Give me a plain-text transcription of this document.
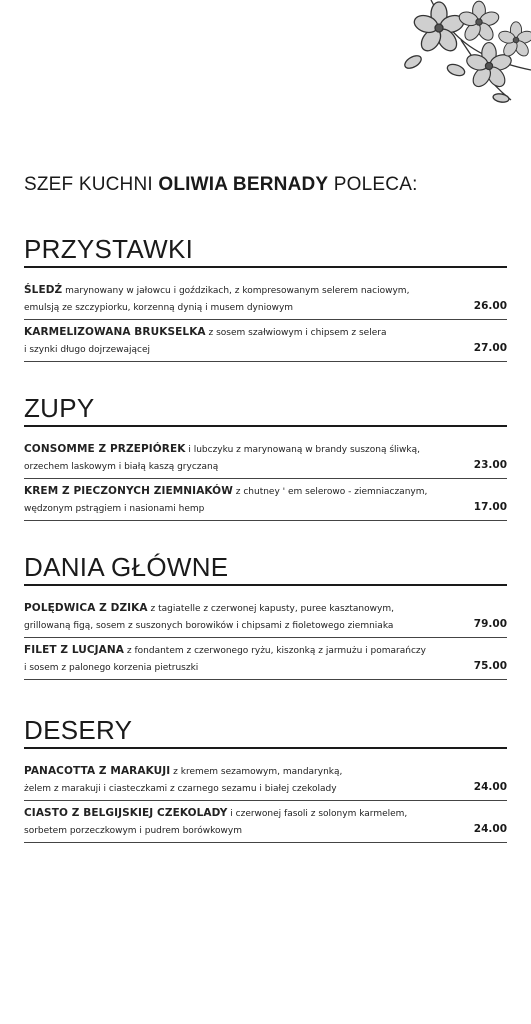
SZEF KUCHNI OLIWIA BERNADY POLECA:
PRZYSTAWKI
ŚLEDŹ marynowany w jałowcu i goździkach, z kompresowanym selerem naciowym,
emulsją ze szczypiorku, korzenną dynią i musem dyniowym	26.00
KARMELIZOWANA BRUKSELKA z sosem szałwiowym i chipsem z selera
i szynki długo dojrzewającej	27.00
ZUPY
CONSOMME Z PRZEPIÓREK i lubczyku z marynowaną w brandy suszoną śliwką,
orzechem laskowym i białą kaszą gryczaną	23.00
KREM Z PIECZONYCH ZIEMNIAKÓW z chutney ' em selerowo - ziemniaczanym,
wędzonym pstrągiem i nasionami hemp	17.00
DANIA GŁÓWNE
POLĘDWICA Z DZIKA z tagiatelle z czerwonej kapusty, puree kasztanowym,
grillowaną figą, sosem z suszonych borowików i chipsami z fioletowego ziemniaka	79.00
FILET Z LUCJANA z fondantem z czerwonego ryżu, kiszonką z jarmużu i pomarańczy
i sosem z palonego korzenia pietruszki	75.00
DESERY
PANACOTTA Z MARAKUJI z kremem sezamowym, mandarynką,
żelem z marakuji i ciasteczkami z czarnego sezamu i białej czekolady	24.00
CIASTO Z BELGIJSKIEJ CZEKOLADY i czerwonej fasoli z solonym karmelem,
sorbetem porzeczkowym i pudrem borówkowym	24.00
